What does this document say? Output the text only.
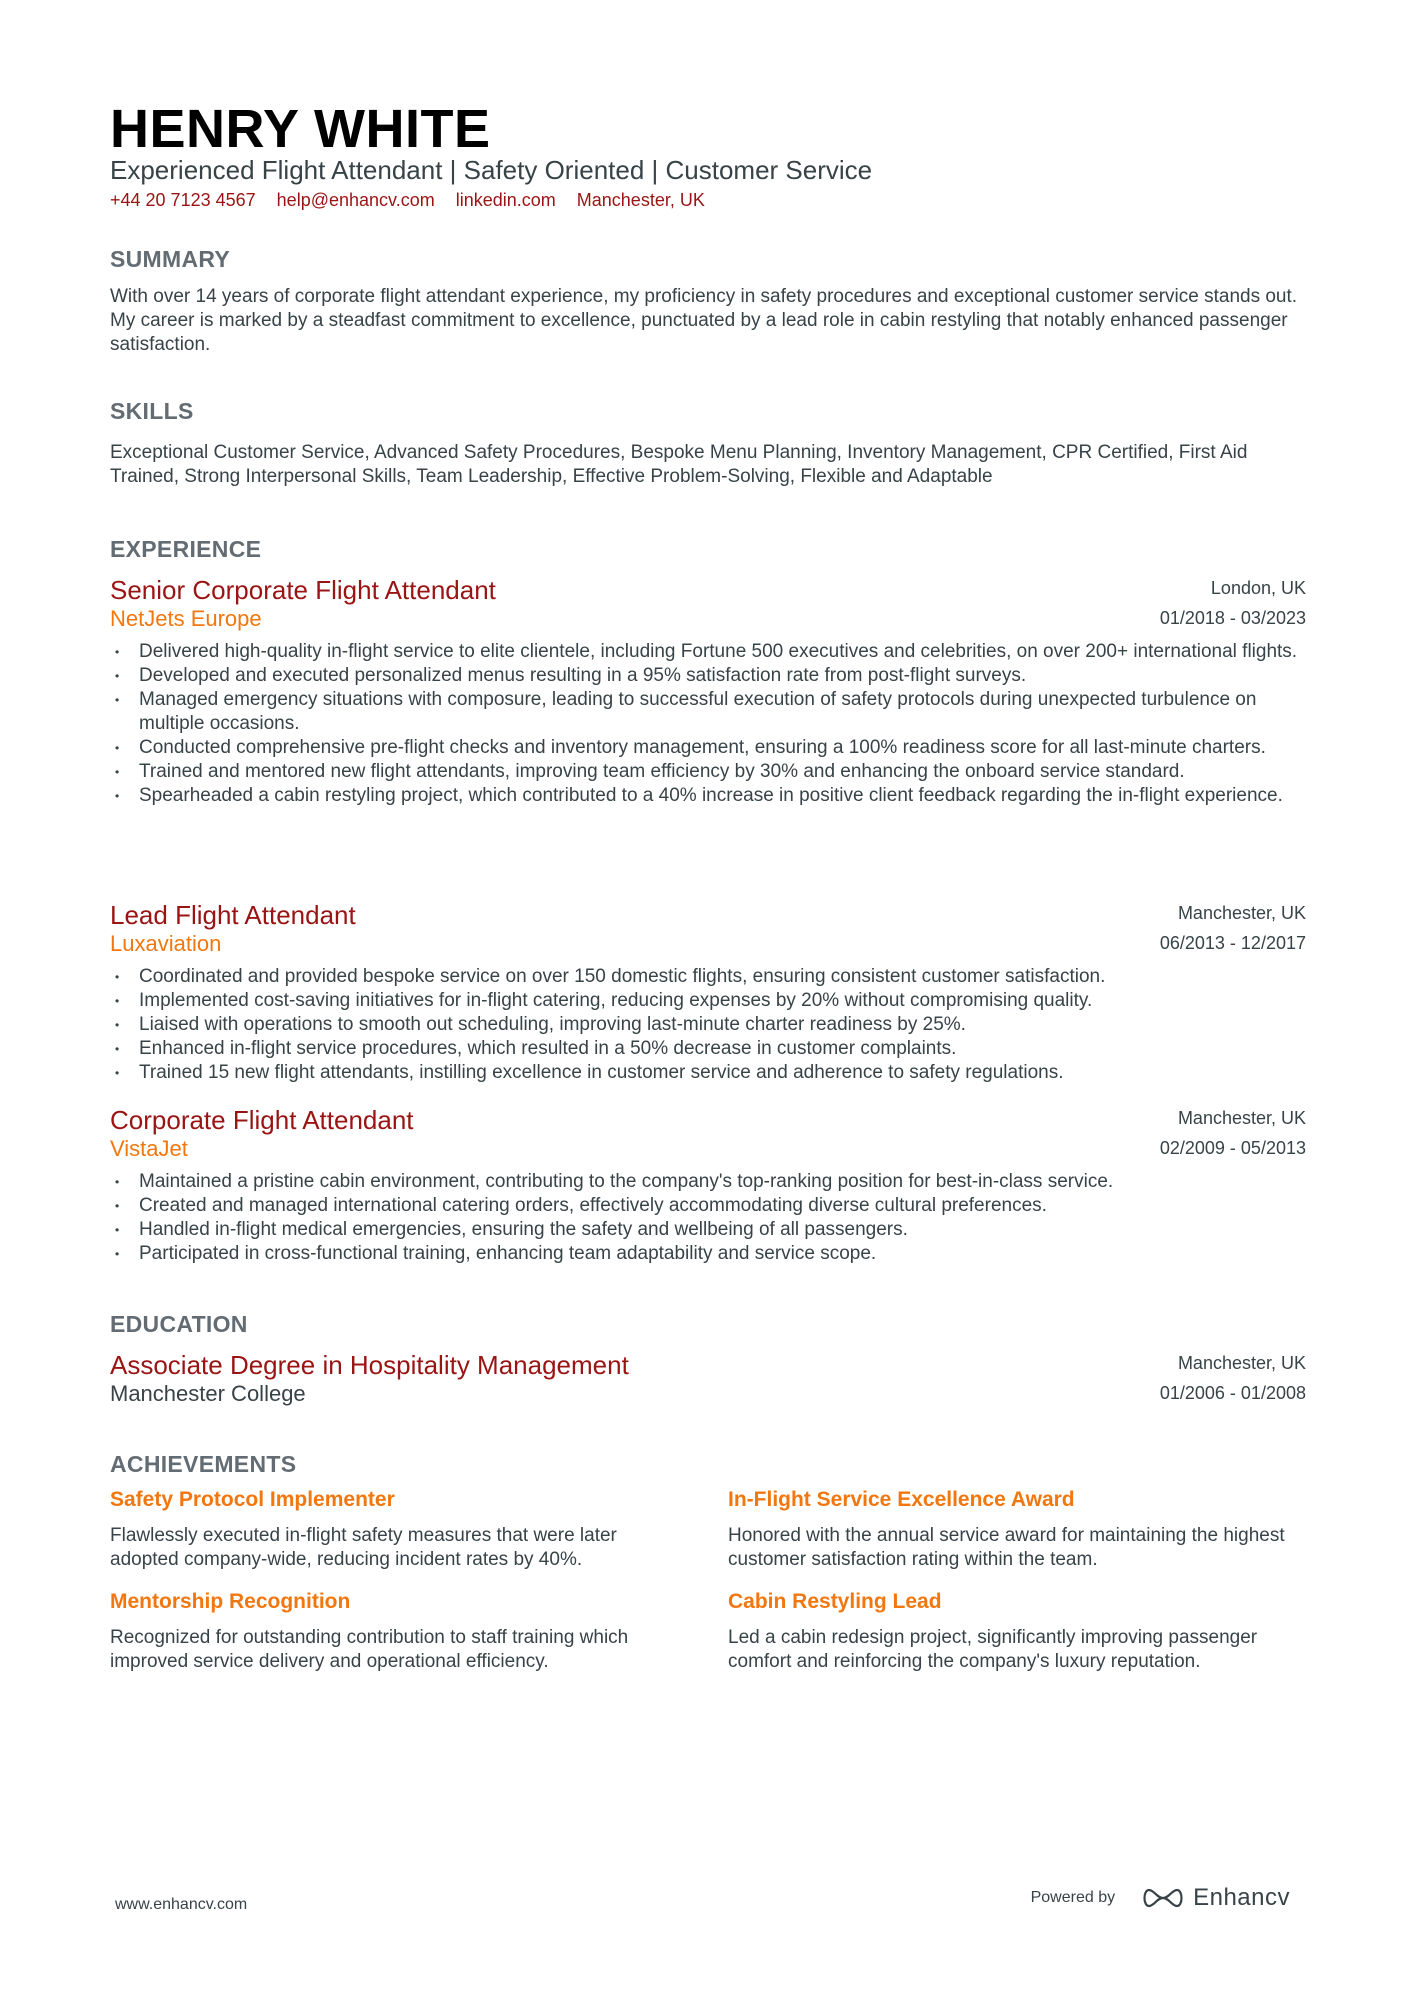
HENRY WHITE
Experienced Flight Attendant | Safety Oriented | Customer Service
+44 20 7123 4567 help@enhancv.com linkedin.com Manchester, UK
SUMMARY
With over 14 years of corporate flight attendant experience, my proficiency in safety procedures and exceptional customer service stands out. My career is marked by a steadfast commitment to excellence, punctuated by a lead role in cabin restyling that notably enhanced passenger satisfaction.
SKILLS
Exceptional Customer Service, Advanced Safety Procedures, Bespoke Menu Planning, Inventory Management, CPR Certified, First Aid Trained, Strong Interpersonal Skills, Team Leadership, Effective Problem-Solving, Flexible and Adaptable
EXPERIENCE
Senior Corporate Flight Attendant	London, UK
NetJets Europe	01/2018 - 03/2023
• Delivered high-quality in-flight service to elite clientele, including Fortune 500 executives and celebrities, on over 200+ international flights.
• Developed and executed personalized menus resulting in a 95% satisfaction rate from post-flight surveys.
• Managed emergency situations with composure, leading to successful execution of safety protocols during unexpected turbulence on multiple occasions.
• Conducted comprehensive pre-flight checks and inventory management, ensuring a 100% readiness score for all last-minute charters.
• Trained and mentored new flight attendants, improving team efficiency by 30% and enhancing the onboard service standard.
• Spearheaded a cabin restyling project, which contributed to a 40% increase in positive client feedback regarding the in-flight experience.
Lead Flight Attendant	Manchester, UK
Luxaviation	06/2013 - 12/2017
• Coordinated and provided bespoke service on over 150 domestic flights, ensuring consistent customer satisfaction.
• Implemented cost-saving initiatives for in-flight catering, reducing expenses by 20% without compromising quality.
• Liaised with operations to smooth out scheduling, improving last-minute charter readiness by 25%.
• Enhanced in-flight service procedures, which resulted in a 50% decrease in customer complaints.
• Trained 15 new flight attendants, instilling excellence in customer service and adherence to safety regulations.
Corporate Flight Attendant	Manchester, UK
VistaJet	02/2009 - 05/2013
• Maintained a pristine cabin environment, contributing to the company's top-ranking position for best-in-class service.
• Created and managed international catering orders, effectively accommodating diverse cultural preferences.
• Handled in-flight medical emergencies, ensuring the safety and wellbeing of all passengers.
• Participated in cross-functional training, enhancing team adaptability and service scope.
EDUCATION
Associate Degree in Hospitality Management	Manchester, UK
Manchester College	01/2006 - 01/2008
ACHIEVEMENTS
Safety Protocol Implementer
Flawlessly executed in-flight safety measures that were later adopted company-wide, reducing incident rates by 40%.
In-Flight Service Excellence Award
Honored with the annual service award for maintaining the highest customer satisfaction rating within the team.
Mentorship Recognition
Recognized for outstanding contribution to staff training which improved service delivery and operational efficiency.
Cabin Restyling Lead
Led a cabin redesign project, significantly improving passenger comfort and reinforcing the company's luxury reputation.
www.enhancv.com	Powered by	Enhancv
